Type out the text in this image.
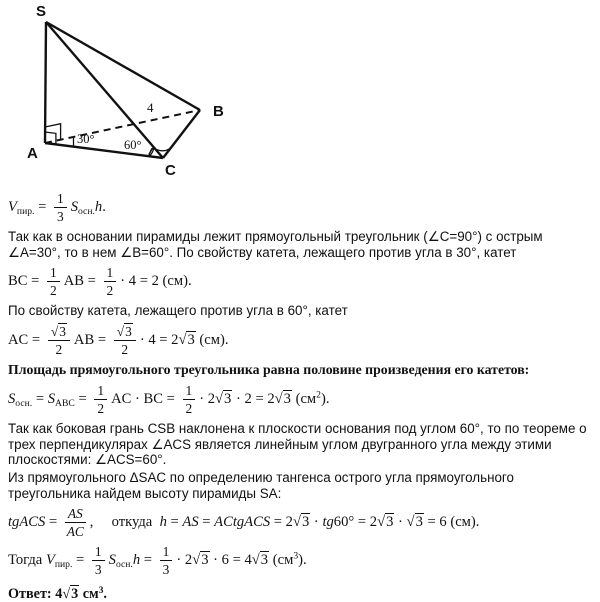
S
A
B
C
4
30° 60°
Vпир. = $\frac{1}{3}$ Sосн.h.

Так как в основании пирамиды лежит прямоугольный треугольник (∠C=90°) с острым ∠A=30°, то в нем ∠B=60°. По свойству катета, лежащего против угла в 30°, катет

BC = $\frac{1}{2}$ AB = $\frac{1}{2} \cdot 4 = 2$ (см).

По свойству катета, лежащего против угла в 60°, катет

AC = $\frac{√3}{2}$ AB = $\frac{√3}{2} \cdot 4 = 2√3$ (см).

Площадь прямоугольного треугольника равна половине произведения его катетов:

Sосн. = SABC = $\frac{1}{2}$ AC · BC = $\frac{1}{2} \cdot 2√3 \cdot 2 = 2√3$ $(см^2)$.

Так как боковая грань CSB наклонена к плоскости основания под углом 60°, то по теореме о трех перпендикулярах ∠ACS является линейным углом двугранного угла между этими плоскостями: ∠ACS=60°.

Из прямоугольного ΔSAC по определению тангенса острого угла прямоугольного треугольника найдем высоту пирамиды SA:

tgACS = $\frac{AS}{AC}$ ,     откуда  h = AS = ACtgACS = 2√3 · tg60° = 2√3 · √3 = 6 (см).
Тогда Vпир. = $\frac{1}{3}$ Sосн.h = $\frac{1}{3} \cdot 2√3 \cdot 6 = 4√3$ $(см^3)$.
Ответ: 4√3 $см^3$.
